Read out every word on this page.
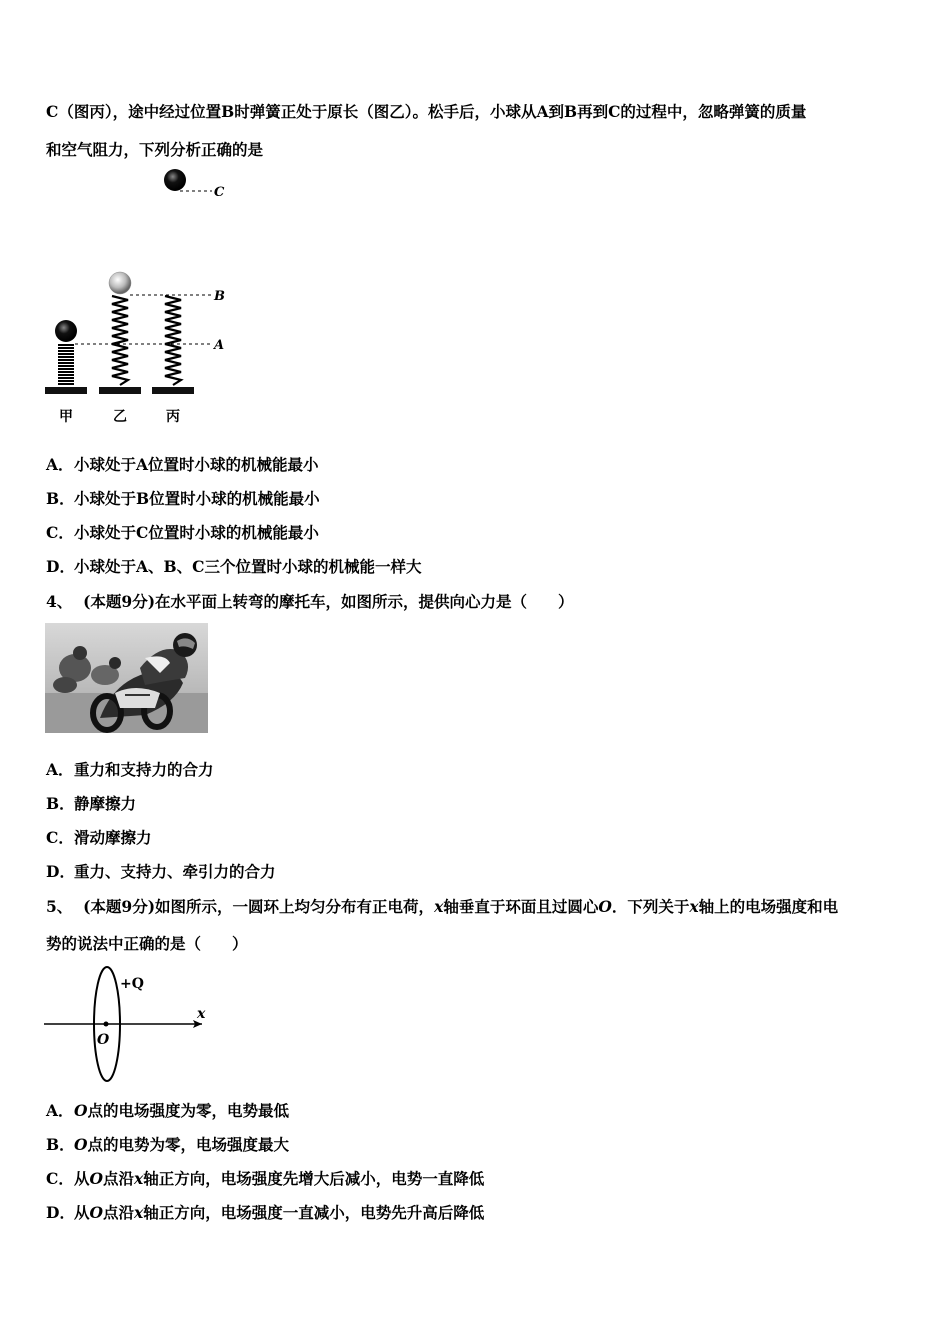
C（图丙），途中经过位置B时弹簧正处于原长（图乙）。松手后，小球从A到B再到C的过程中，忽略弹簧的质量
和空气阻力，下列分析正确的是
C
B
A
甲	乙	丙
A．小球处于A位置时小球的机械能最小
B．小球处于B位置时小球的机械能最小
C．小球处于C位置时小球的机械能最小
D．小球处于A、B、C三个位置时小球的机械能一样大
4、 (本题9分)在水平面上转弯的摩托车，如图所示，提供向心力是（　　）
A．重力和支持力的合力
B．静摩擦力
C．滑动摩擦力
D．重力、支持力、牵引力的合力
5、 (本题9分)如图所示，一圆环上均匀分布有正电荷，x轴垂直于环面且过圆心O．下列关于x轴上的电场强度和电
势的说法中正确的是（　　）
+Q
x
O
A．O点的电场强度为零，电势最低
B．O点的电势为零，电场强度最大
C．从O点沿x轴正方向，电场强度先增大后减小，电势一直降低
D．从O点沿x轴正方向，电场强度一直减小，电势先升高后降低
